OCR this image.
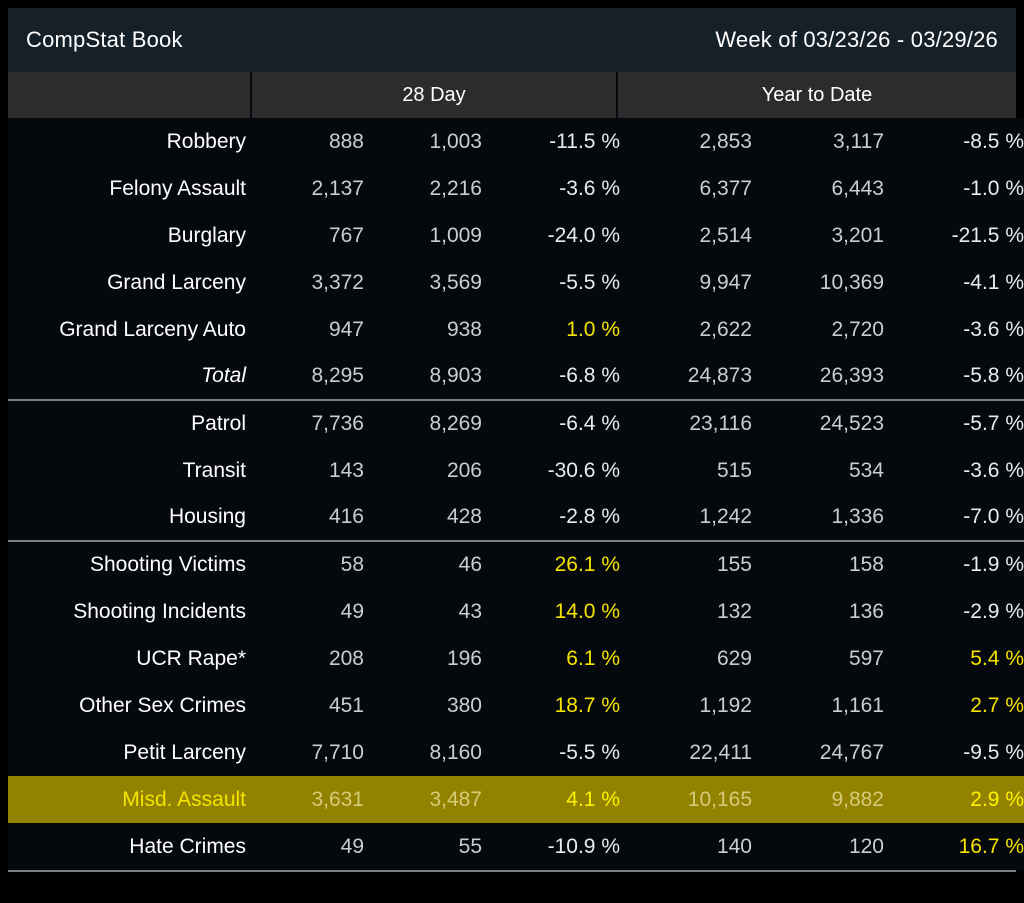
CompStat Book	Week of 03/23/26 - 03/29/26
28 Day	Year to Date
Robbery	888	1,003	-11.5 %	2,853	3,117	-8.5 %
Felony Assault	2,137	2,216	-3.6 %	6,377	6,443	-1.0 %
Burglary	767	1,009	-24.0 %	2,514	3,201	-21.5 %
Grand Larceny	3,372	3,569	-5.5 %	9,947	10,369	-4.1 %
Grand Larceny Auto	947	938	1.0 %	2,622	2,720	-3.6 %
Total	8,295	8,903	-6.8 %	24,873	26,393	-5.8 %
Patrol	7,736	8,269	-6.4 %	23,116	24,523	-5.7 %
Transit	143	206	-30.6 %	515	534	-3.6 %
Housing	416	428	-2.8 %	1,242	1,336	-7.0 %
Shooting Victims	58	46	26.1 %	155	158	-1.9 %
Shooting Incidents	49	43	14.0 %	132	136	-2.9 %
UCR Rape*	208	196	6.1 %	629	597	5.4 %
Other Sex Crimes	451	380	18.7 %	1,192	1,161	2.7 %
Petit Larceny	7,710	8,160	-5.5 %	22,411	24,767	-9.5 %
Misd. Assault	3,631	3,487	4.1 %	10,165	9,882	2.9 %
Hate Crimes	49	55	-10.9 %	140	120	16.7 %
